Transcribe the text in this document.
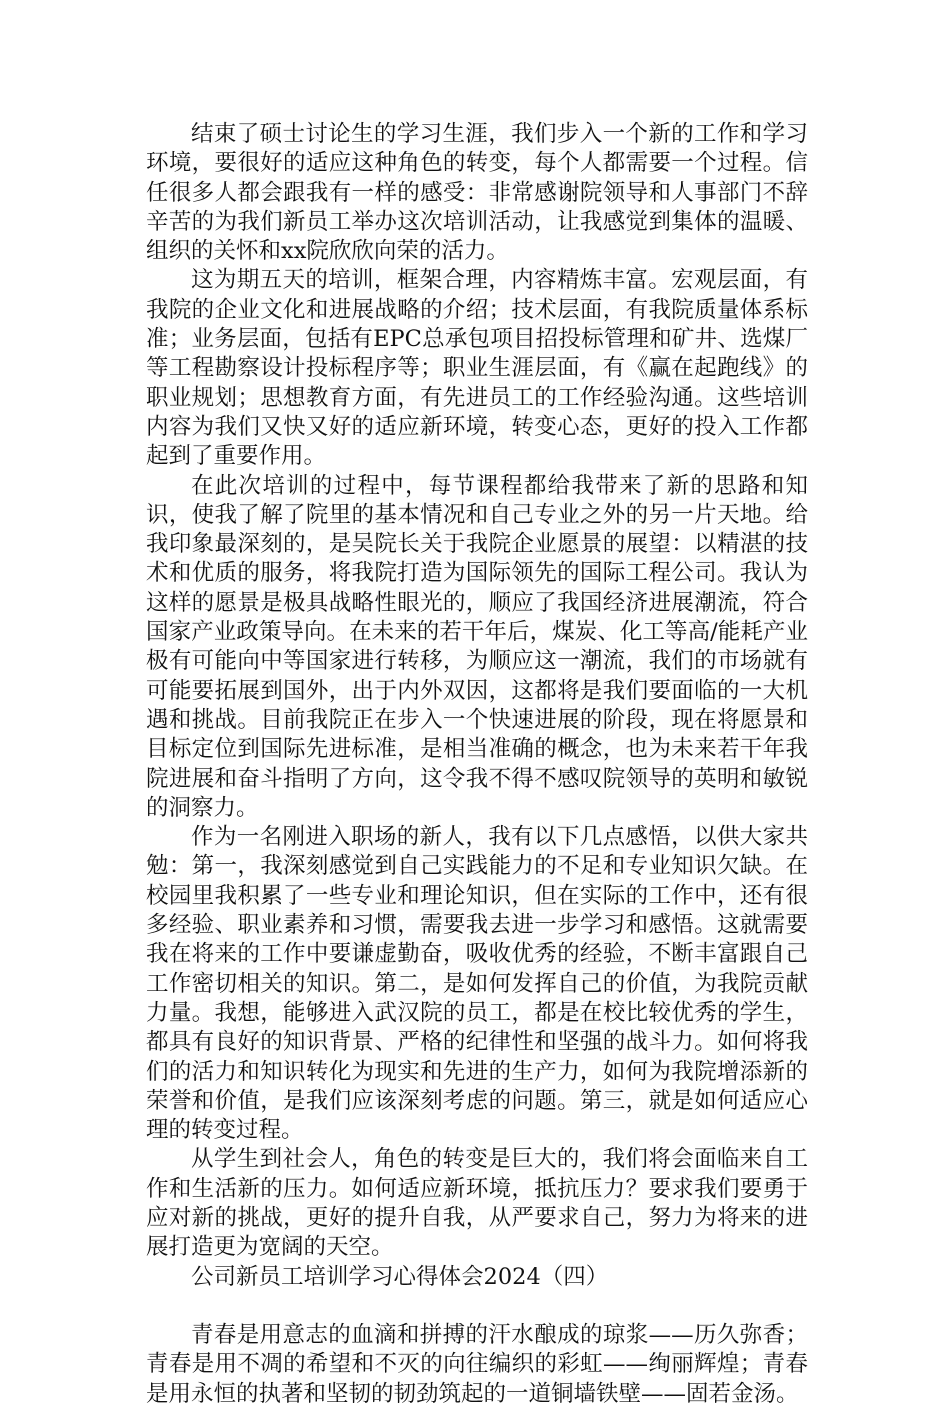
结束了硕士讨论生的学习生涯，我们步入一个新的工作和学习环境，要很好的适应这种角色的转变，每个人都需要一个过程。信任很多人都会跟我有一样的感受：非常感谢院领导和人事部门不辞辛苦的为我们新员工举办这次培训活动，让我感觉到集体的温暖、组织的关怀和xx院欣欣向荣的活力。

这为期五天的培训，框架合理，内容精炼丰富。宏观层面，有我院的企业文化和进展战略的介绍；技术层面，有我院质量体系标准；业务层面，包括有EPC总承包项目招投标管理和矿井、选煤厂等工程勘察设计投标程序等；职业生涯层面，有《赢在起跑线》的职业规划；思想教育方面，有先进员工的工作经验沟通。这些培训内容为我们又快又好的适应新环境，转变心态，更好的投入工作都起到了重要作用。

在此次培训的过程中，每节课程都给我带来了新的思路和知识，使我了解了院里的基本情况和自己专业之外的另一片天地。给我印象最深刻的，是吴院长关于我院企业愿景的展望：以精湛的技术和优质的服务，将我院打造为国际领先的国际工程公司。我认为这样的愿景是极具战略性眼光的，顺应了我国经济进展潮流，符合国家产业政策导向。在未来的若干年后，煤炭、化工等高/能耗产业极有可能向中等国家进行转移，为顺应这一潮流，我们的市场就有可能要拓展到国外，出于内外双因，这都将是我们要面临的一大机遇和挑战。目前我院正在步入一个快速进展的阶段，现在将愿景和目标定位到国际先进标准，是相当准确的概念，也为未来若干年我院进展和奋斗指明了方向，这令我不得不感叹院领导的英明和敏锐的洞察力。

作为一名刚进入职场的新人，我有以下几点感悟，以供大家共勉：第一，我深刻感觉到自己实践能力的不足和专业知识欠缺。在校园里我积累了一些专业和理论知识，但在实际的工作中，还有很多经验、职业素养和习惯，需要我去进一步学习和感悟。这就需要我在将来的工作中要谦虚勤奋，吸收优秀的经验，不断丰富跟自己工作密切相关的知识。第二，是如何发挥自己的价值，为我院贡献力量。我想，能够进入武汉院的员工，都是在校比较优秀的学生，都具有良好的知识背景、严格的纪律性和坚强的战斗力。如何将我们的活力和知识转化为现实和先进的生产力，如何为我院增添新的荣誉和价值，是我们应该深刻考虑的问题。第三，就是如何适应心理的转变过程。

从学生到社会人，角色的转变是巨大的，我们将会面临来自工作和生活新的压力。如何适应新环境，抵抗压力？要求我们要勇于应对新的挑战，更好的提升自我，从严要求自己，努力为将来的进展打造更为宽阔的天空。

公司新员工培训学习心得体会2024（四）

青春是用意志的血滴和拼搏的汗水酿成的琼浆——历久弥香；青春是用不凋的希望和不灭的向往编织的彩虹——绚丽辉煌；青春是用永恒的执著和坚韧的韧劲筑起的一道铜墙铁壁——固若金汤。
